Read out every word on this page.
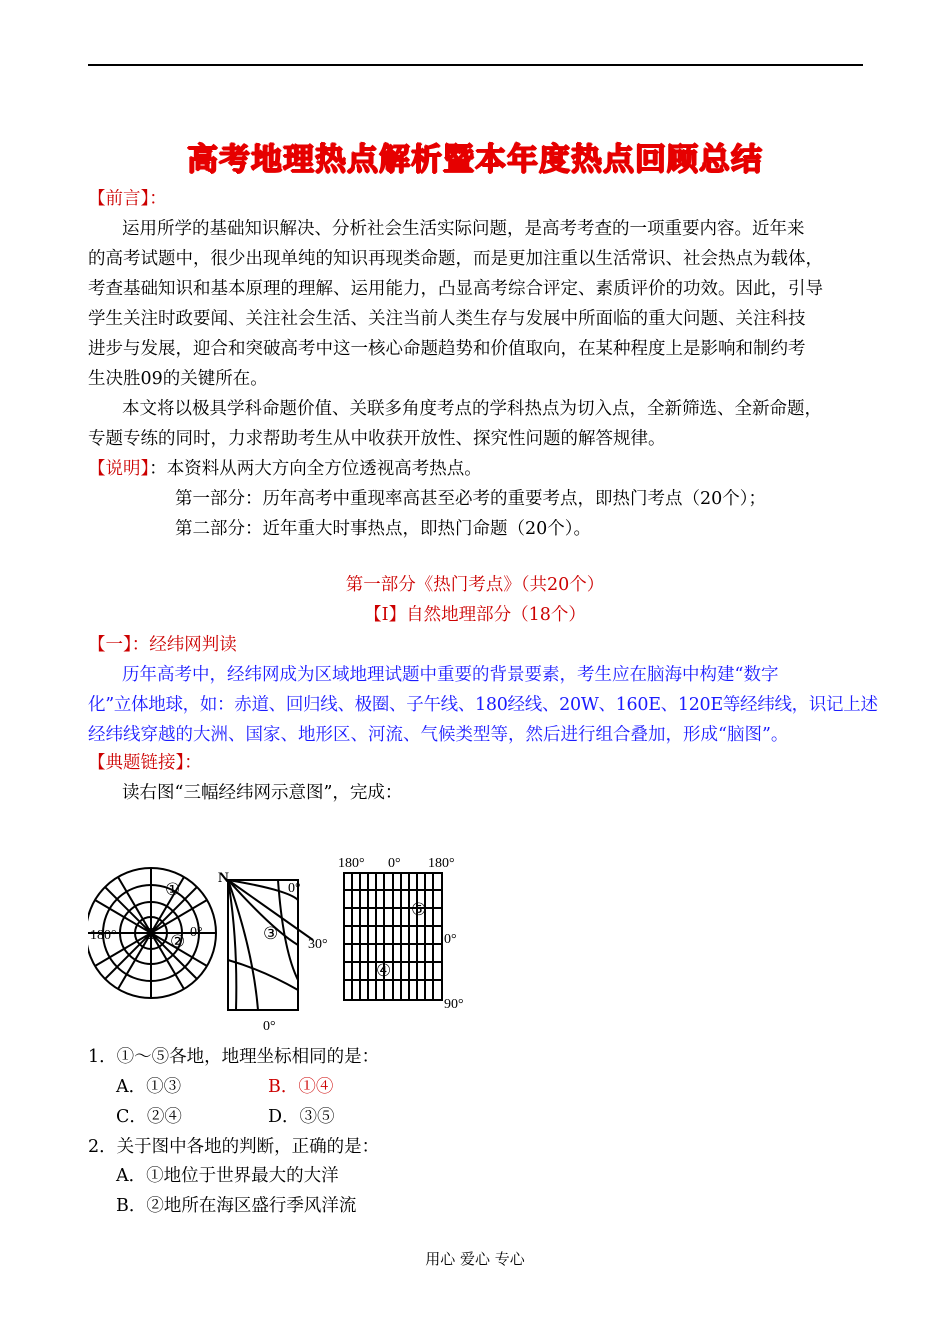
高考地理热点解析暨本年度热点回顾总结
【前言】：
运用所学的基础知识解决、分析社会生活实际问题，是高考考查的一项重要内容。近年来
的高考试题中，很少出现单纯的知识再现类命题，而是更加注重以生活常识、社会热点为载体，
考查基础知识和基本原理的理解、运用能力，凸显高考综合评定、素质评价的功效。因此，引导
学生关注时政要闻、关注社会生活、关注当前人类生存与发展中所面临的重大问题、关注科技
进步与发展，迎合和突破高考中这一核心命题趋势和价值取向，在某种程度上是影响和制约考
生决胜09的关键所在。
本文将以极具学科命题价值、关联多角度考点的学科热点为切入点，全新筛选、全新命题，
专题专练的同时，力求帮助考生从中收获开放性、探究性问题的解答规律。
【说明】：本资料从两大方向全方位透视高考热点。
第一部分：历年高考中重现率高甚至必考的重要考点，即热门考点（20个）；
第二部分：近年重大时事热点，即热门命题（20个）。
第一部分《热门考点》（共20个）
【Ⅰ】自然地理部分（18个）
【一】：经纬网判读
历年高考中，经纬网成为区域地理试题中重要的背景要素，考生应在脑海中构建“数字
化”立体地球，如：赤道、回归线、极圈、子午线、180经线、20W、160E、120E等经纬线，识记上述
经纬线穿越的大洲、国家、地形区、河流、气候类型等，然后进行组合叠加，形成“脑图”。
【典题链接】：
读右图“三幅经纬网示意图”，完成：
S
180°	0°
①
②
N
0°
30°
0°
③
180° 0° 180°
0°
90°
⑤
④
1．①～⑤各地，地理坐标相同的是：
A．①③	B．①④
C．②④	D．③⑤
2．关于图中各地的判断，正确的是：
A．①地位于世界最大的大洋
B．②地所在海区盛行季风洋流
用心 爱心 专心
